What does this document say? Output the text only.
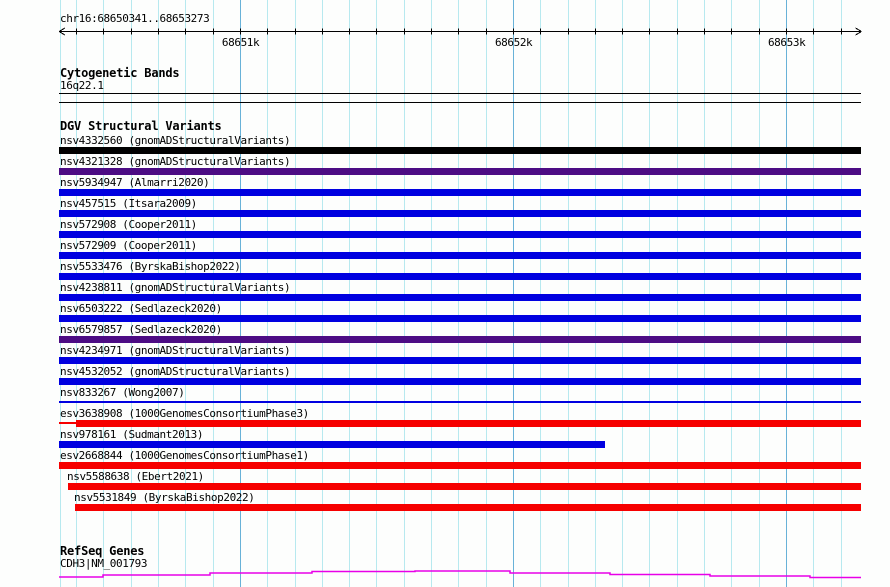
chr16:68650341..68653273
68651k	68652k	68653k
Cytogenetic Bands
16q22.1
DGV Structural Variants
nsv4332560 (gnomADStructuralVariants)
nsv4321328 (gnomADStructuralVariants)
nsv5934947 (Almarri2020)
nsv457515 (Itsara2009)
nsv572908 (Cooper2011)
nsv572909 (Cooper2011)
nsv5533476 (ByrskaBishop2022)
nsv4238811 (gnomADStructuralVariants)
nsv6503222 (Sedlazeck2020)
nsv6579857 (Sedlazeck2020)
nsv4234971 (gnomADStructuralVariants)
nsv4532052 (gnomADStructuralVariants)
nsv833267 (Wong2007)
esv3638908 (1000GenomesConsortiumPhase3)
nsv978161 (Sudmant2013)
esv2668844 (1000GenomesConsortiumPhase1)
nsv5588638 (Ebert2021)
nsv5531849 (ByrskaBishop2022)
RefSeq Genes
CDH3|NM_001793
